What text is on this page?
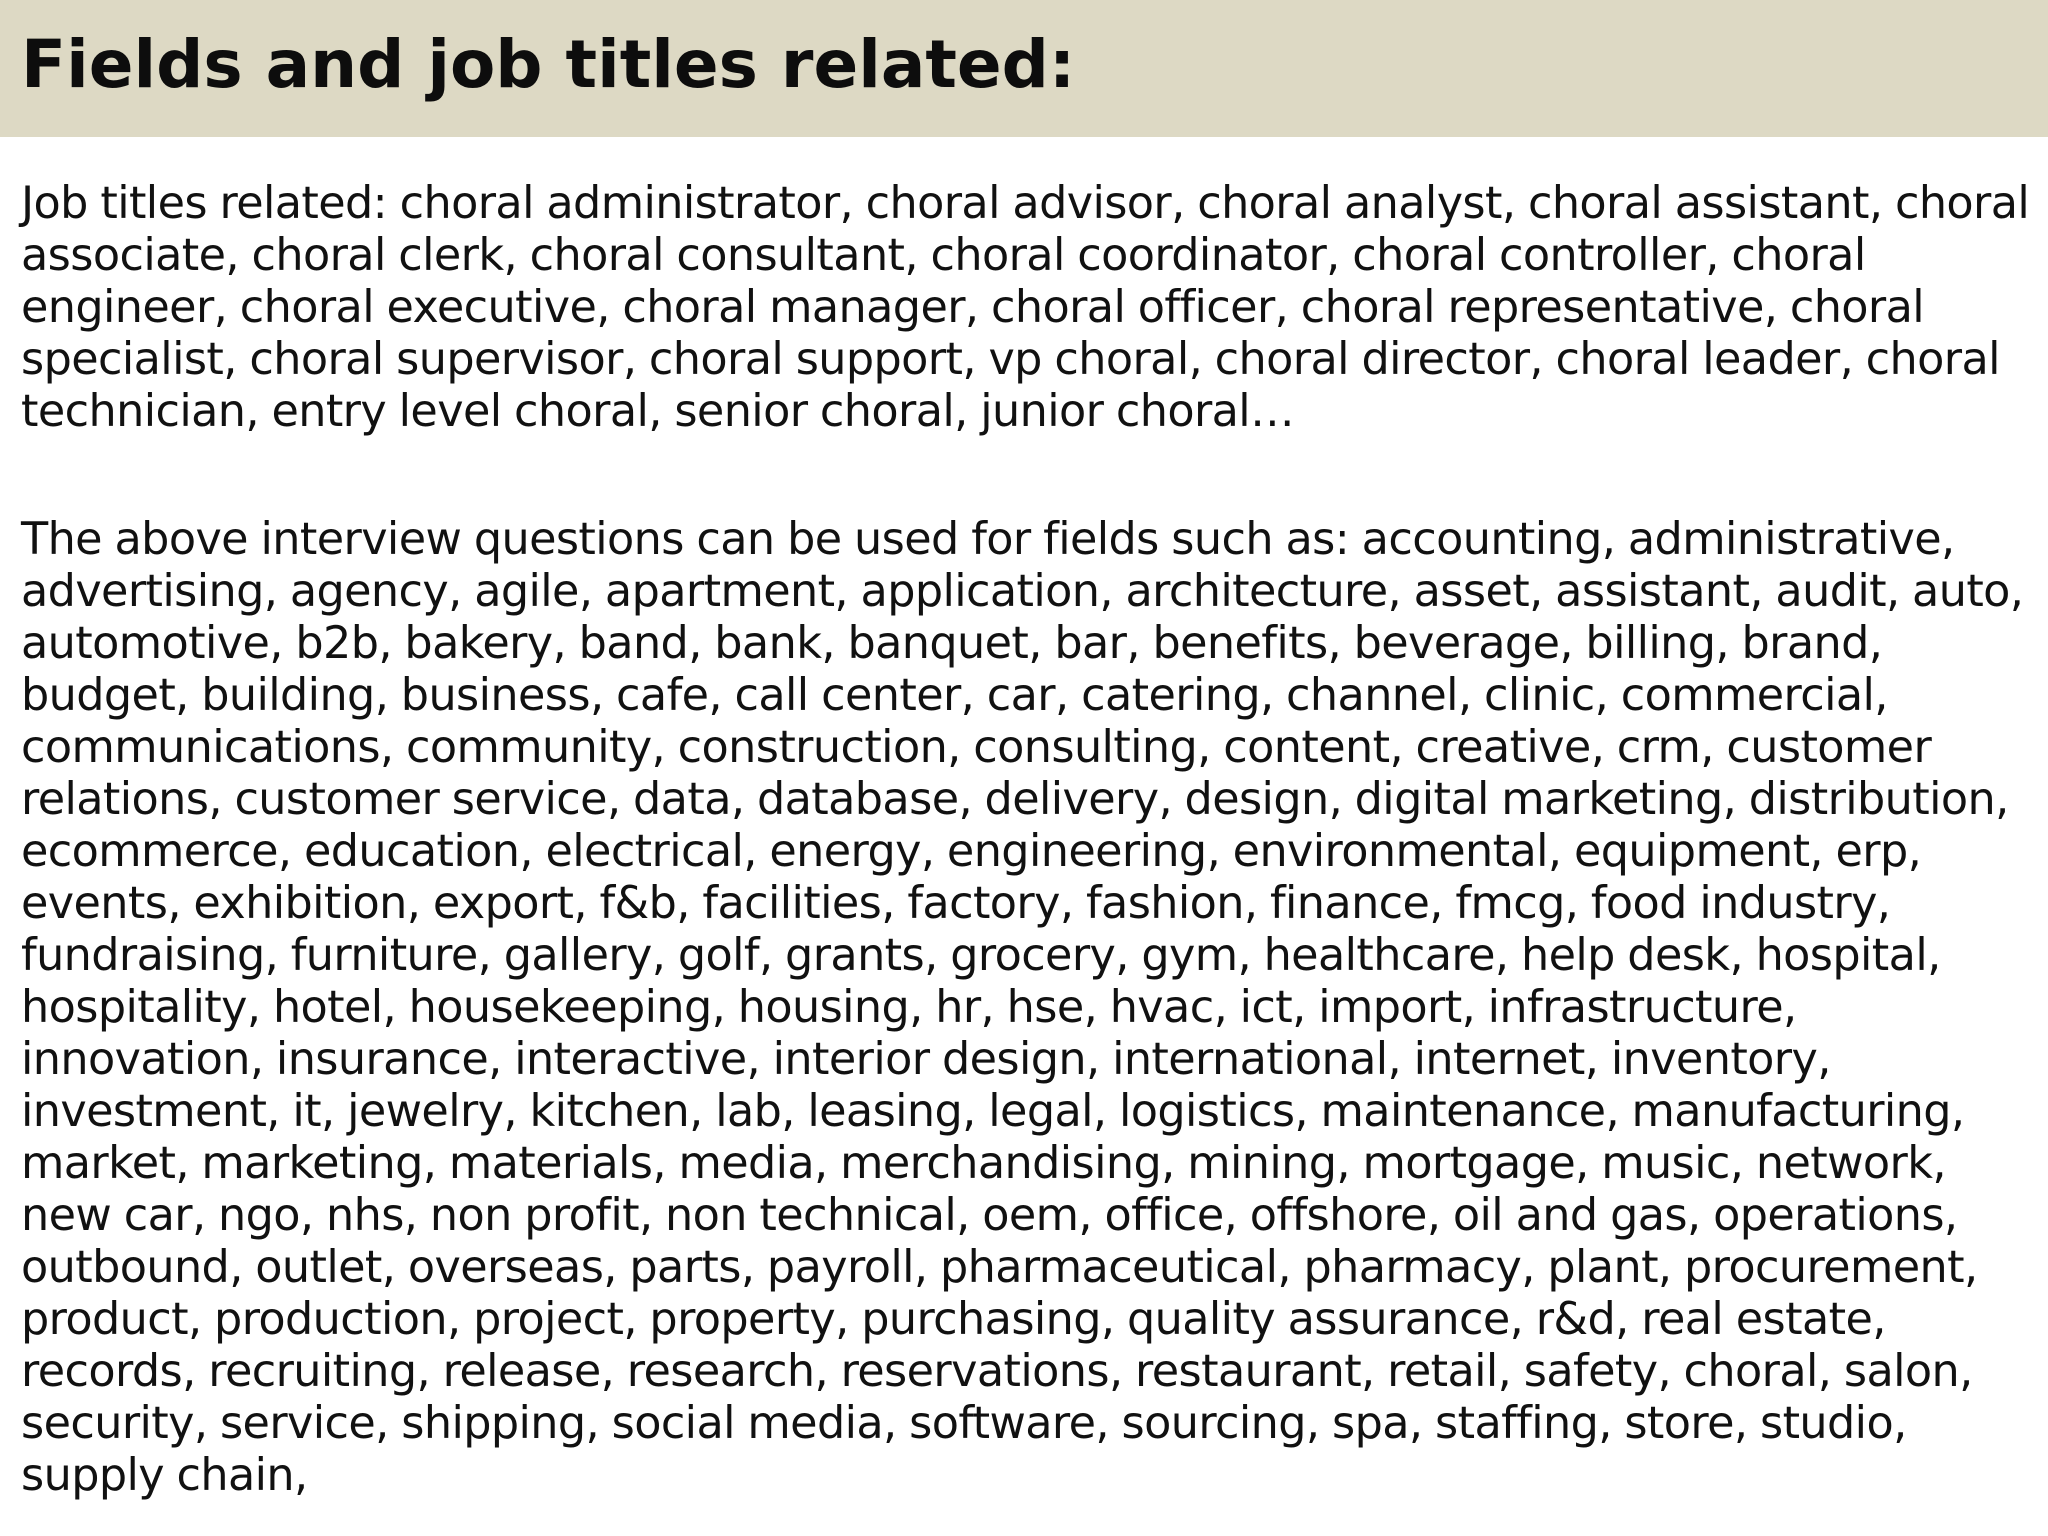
Fields and job titles related:

Job titles related: choral administrator, choral advisor, choral analyst, choral assistant, choral associate, choral clerk, choral consultant, choral coordinator, choral controller, choral engineer, choral executive, choral manager, choral officer, choral representative, choral specialist, choral supervisor, choral support, vp choral, choral director, choral leader, choral technician, entry level choral, senior choral, junior choral…

The above interview questions can be used for fields such as: accounting, administrative, advertising, agency, agile, apartment, application, architecture, asset, assistant, audit, auto, automotive, b2b, bakery, band, bank, banquet, bar, benefits, beverage, billing, brand, budget, building, business, cafe, call center, car, catering, channel, clinic, commercial, communications, community, construction, consulting, content, creative, crm, customer relations, customer service, data, database, delivery, design, digital marketing, distribution, ecommerce, education, electrical, energy, engineering, environmental, equipment, erp, events, exhibition, export, f&b, facilities, factory, fashion, finance, fmcg, food industry, fundraising, furniture, gallery, golf, grants, grocery, gym, healthcare, help desk, hospital, hospitality, hotel, housekeeping, housing, hr, hse, hvac, ict, import, infrastructure, innovation, insurance, interactive, interior design, international, internet, inventory, investment, it, jewelry, kitchen, lab, leasing, legal, logistics, maintenance, manufacturing, market, marketing, materials, media, merchandising, mining, mortgage, music, network, new car, ngo, nhs, non profit, non technical, oem, office, offshore, oil and gas, operations, outbound, outlet, overseas, parts, payroll, pharmaceutical, pharmacy, plant, procurement, product, production, project, property, purchasing, quality assurance, r&d, real estate, records, recruiting, release, research, reservations, restaurant, retail, safety, choral, salon, security, service, shipping, social media, software, sourcing, spa, staffing, store, studio, supply chain,
